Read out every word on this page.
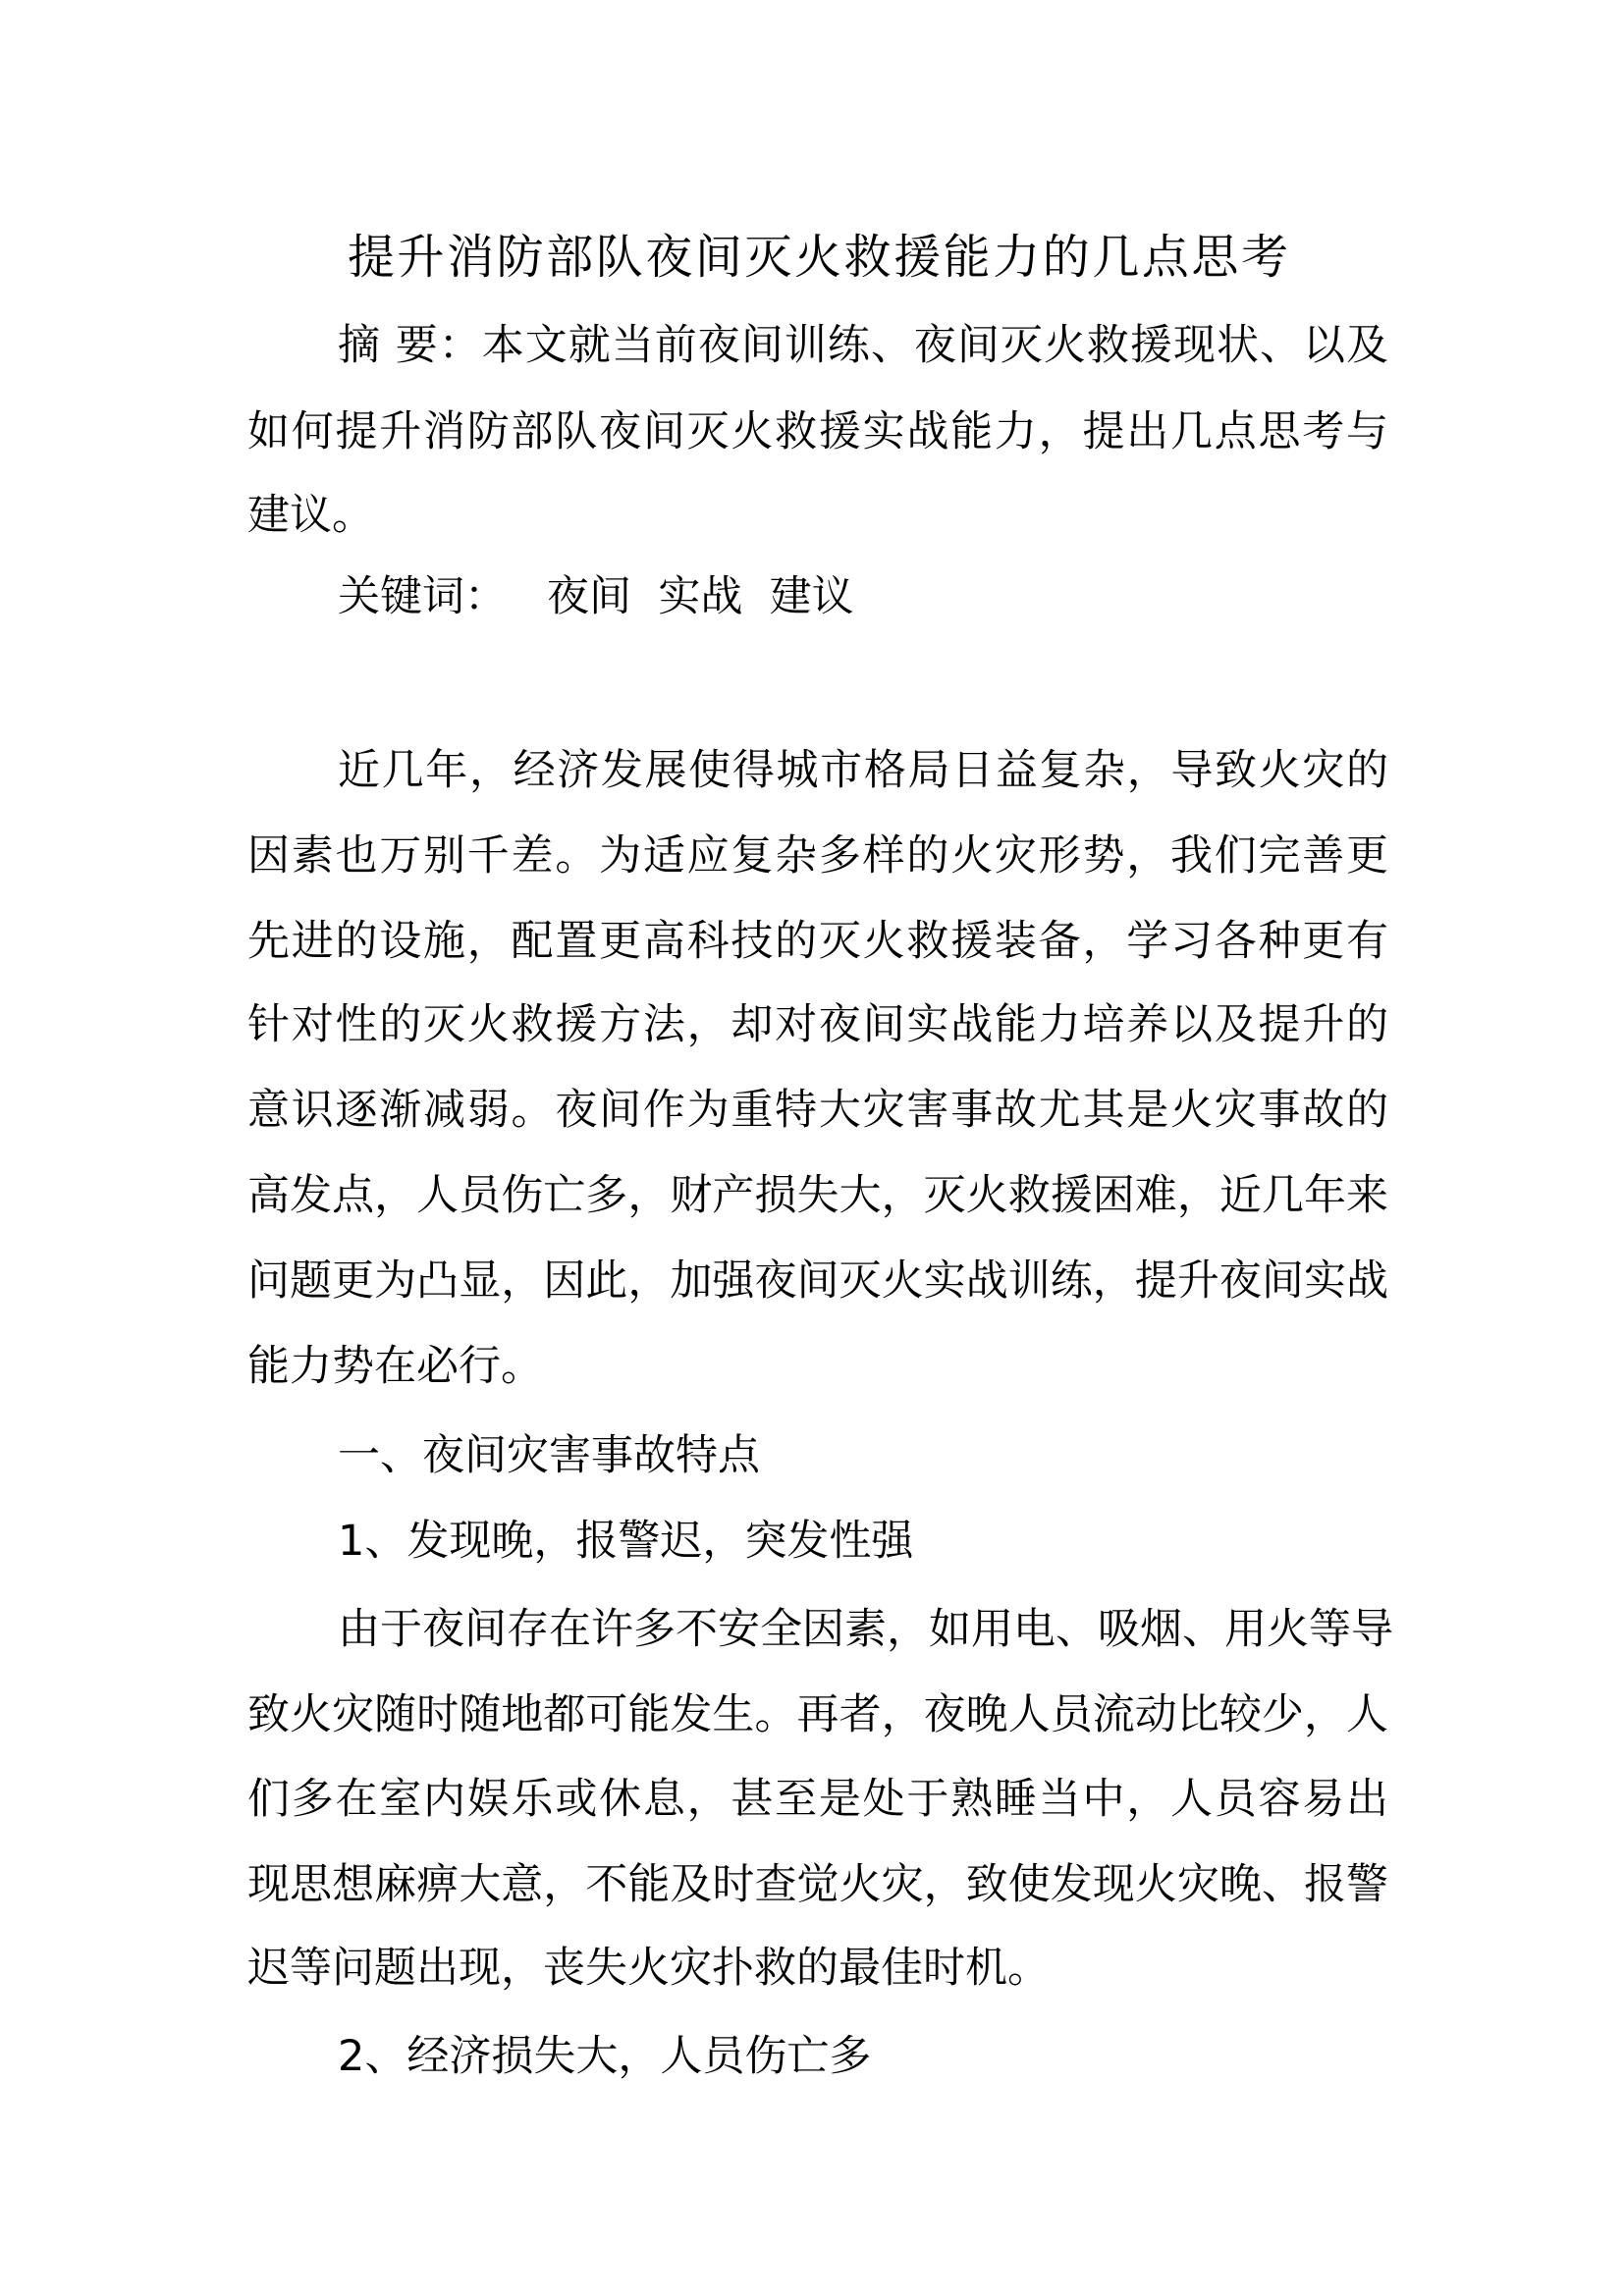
提升消防部队夜间灭火救援能力的几点思考
摘 要：本文就当前夜间训练、夜间灭火救援现状、以及
如何提升消防部队夜间灭火救援实战能力，提出几点思考与
建议。
关键词：   夜间  实战  建议
近几年，经济发展使得城市格局日益复杂，导致火灾的
因素也万别千差。为适应复杂多样的火灾形势，我们完善更
先进的设施，配置更高科技的灭火救援装备，学习各种更有
针对性的灭火救援方法，却对夜间实战能力培养以及提升的
意识逐渐减弱。夜间作为重特大灾害事故尤其是火灾事故的
高发点，人员伤亡多，财产损失大，灭火救援困难，近几年来
问题更为凸显，因此，加强夜间灭火实战训练，提升夜间实战
能力势在必行。
一、夜间灾害事故特点
1、发现晚，报警迟，突发性强
由于夜间存在许多不安全因素，如用电、吸烟、用火等导
致火灾随时随地都可能发生。再者，夜晚人员流动比较少，人
们多在室内娱乐或休息，甚至是处于熟睡当中，人员容易出
现思想麻痹大意，不能及时查觉火灾，致使发现火灾晚、报警
迟等问题出现，丧失火灾扑救的最佳时机。
2、经济损失大，人员伤亡多
